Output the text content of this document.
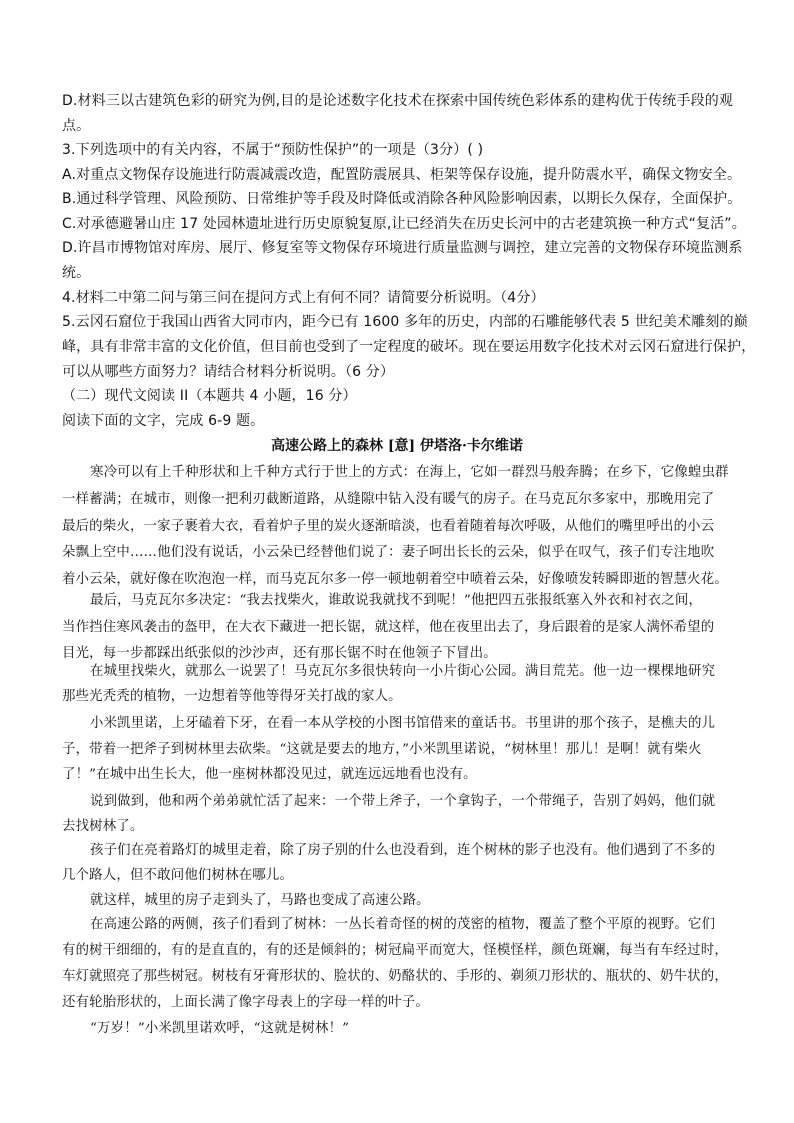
D.材料三以古建筑色彩的研究为例,目的是论述数字化技术在探索中国传统色彩体系的建构优于传统手段的观
点。
3.下列选项中的有关内容，不属于“预防性保护”的一项是（3分）( )
A.对重点文物保存设施进行防震减震改造，配置防震展具、柜架等保存设施，提升防震水平，确保文物安全。
B.通过科学管理、风险预防、日常维护等手段及时降低或消除各种风险影响因素，以期长久保存，全面保护。
C.对承德避暑山庄 17 处园林遗址进行历史原貌复原,让已经消失在历史长河中的古老建筑换一种方式“复活”。
D.许昌市博物馆对库房、展厅、修复室等文物保存环境进行质量监测与调控，建立完善的文物保存环境监测系
统。
4.材料二中第二问与第三问在提问方式上有何不同？请简要分析说明。（4分）
5.云冈石窟位于我国山西省大同市内，距今已有 1600 多年的历史，内部的石雕能够代表 5 世纪美术雕刻的巅
峰，具有非常丰富的文化价值，但目前也受到了一定程度的破坏。现在要运用数字化技术对云冈石窟进行保护，
可以从哪些方面努力？请结合材料分析说明。（6 分）
（二）现代文阅读 II（本题共 4 小题，16 分）
阅读下面的文字，完成 6-9 题。
高速公路上的森林 [意] 伊塔洛·卡尔维诺
寒冷可以有上千种形状和上千种方式行于世上的方式：在海上，它如一群烈马般奔腾；在乡下，它像蝗虫群
一样蓄满；在城市，则像一把利刃截断道路，从缝隙中钻入没有暖气的房子。在马克瓦尔多家中，那晚用完了
最后的柴火，一家子裹着大衣，看着炉子里的炭火逐渐暗淡，也看着随着每次呼吸，从他们的嘴里呼出的小云
朵飘上空中……他们没有说话，小云朵已经替他们说了：妻子呵出长长的云朵，似乎在叹气，孩子们专注地吹
着小云朵，就好像在吹泡泡一样，而马克瓦尔多一停一顿地朝着空中喷着云朵，好像喷发转瞬即逝的智慧火花。
最后，马克瓦尔多决定：“我去找柴火，谁敢说我就找不到呢！”他把四五张报纸塞入外衣和衬衣之间，
当作挡住寒风袭击的盔甲，在大衣下藏进一把长锯，就这样，他在夜里出去了，身后跟着的是家人满怀希望的
目光，每一步都踩出纸张似的沙沙声，还有那长锯不时在他领子下冒出。
在城里找柴火，就那么一说罢了！马克瓦尔多很快转向一小片街心公园。满目荒芜。他一边一棵棵地研究
那些光秃秃的植物，一边想着等他等得牙关打战的家人。
小米凯里诺，上牙磕着下牙，在看一本从学校的小图书馆借来的童话书。书里讲的那个孩子，是樵夫的儿
子，带着一把斧子到树林里去砍柴。“这就是要去的地方，”小米凯里诺说，“树林里！那儿！是啊！就有柴火
了！”在城中出生长大，他一座树林都没见过，就连远远地看也没有。
说到做到，他和两个弟弟就忙活了起来：一个带上斧子，一个拿钩子，一个带绳子，告别了妈妈，他们就
去找树林了。
孩子们在亮着路灯的城里走着，除了房子别的什么也没看到，连个树林的影子也没有。他们遇到了不多的
几个路人，但不敢问他们树林在哪儿。
就这样，城里的房子走到头了，马路也变成了高速公路。
在高速公路的两侧，孩子们看到了树林：一丛长着奇怪的树的茂密的植物，覆盖了整个平原的视野。它们
有的树干细细的，有的是直直的，有的还是倾斜的；树冠扁平而宽大，怪模怪样，颜色斑斓，每当有车经过时，
车灯就照亮了那些树冠。树枝有牙膏形状的、脸状的、奶酪状的、手形的、剃须刀形状的、瓶状的、奶牛状的，
还有轮胎形状的，上面长满了像字母表上的字母一样的叶子。
“万岁！”小米凯里诺欢呼，“这就是树林！”
